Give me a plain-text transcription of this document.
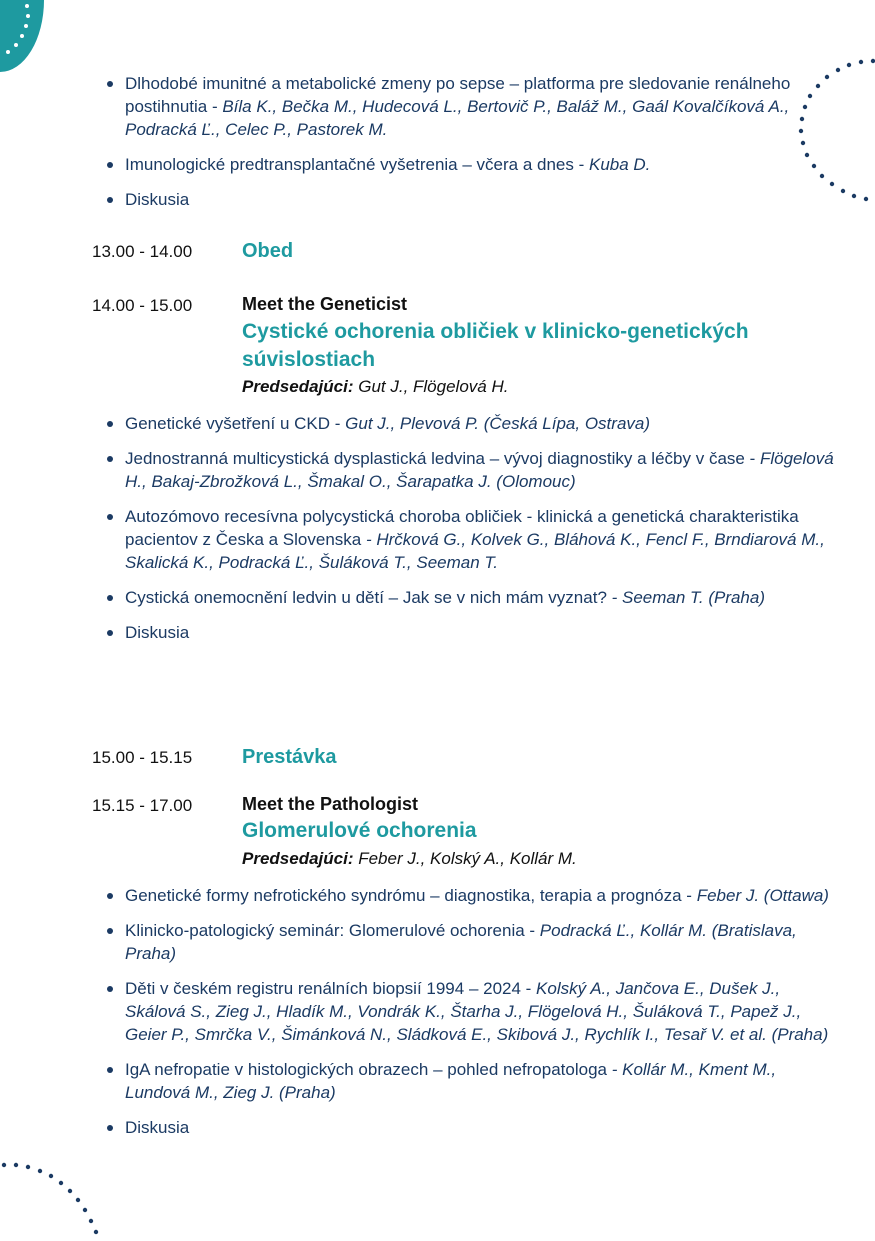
Dlhodobé imunitné a metabolické zmeny po sepse – platforma pre sledovanie renálneho postihnutia - Bíla K., Bečka M., Hudecová L., Bertovič P., Baláž M., Gaál Kovalčíková A., Podracká Ľ., Celec P., Pastorek M.
Imunologické predtransplantačné vyšetrenia – včera a dnes - Kuba D.
Diskusia
13.00 - 14.00 Obed
14.00 - 15.00	Meet the Geneticist
Cystické ochorenia obličiek v klinicko-genetických súvislostiach
Predsedajúci: Gut J., Flögelová H.
Genetické vyšetření u CKD - Gut J., Plevová P. (Česká Lípa, Ostrava)
Jednostranná multicystická dysplastická ledvina – vývoj diagnostiky a léčby v čase - Flögelová H., Bakaj-Zbrožková L., Šmakal O., Šarapatka J. (Olomouc)
Autozómovo recesívna polycystická choroba obličiek - klinická a genetická charakteristika pacientov z Česka a Slovenska - Hrčková G., Kolvek G., Bláhová K., Fencl F., Brndiarová M., Skalická K., Podracká Ľ., Šuláková T., Seeman T.
Cystická onemocnění ledvin u dětí – Jak se v nich mám vyznat? - Seeman T. (Praha)
Diskusia
15.00 - 15.15 Prestávka
15.15 - 17.00	Meet the Pathologist
Glomerulové ochorenia
Predsedajúci: Feber J., Kolský A., Kollár M.
Genetické formy nefrotického syndrómu – diagnostika, terapia a prognóza - Feber J. (Ottawa)
Klinicko-patologický seminár: Glomerulové ochorenia - Podracká Ľ., Kollár M. (Bratislava, Praha)
Děti v českém registru renálních biopsií 1994 – 2024 - Kolský A., Jančova E., Dušek J., Skálová S., Zieg J., Hladík M., Vondrák K., Štarha J., Flögelová H., Šuláková T., Papež J., Geier P., Smrčka V., Šimánková N., Sládková E., Skibová J., Rychlík I., Tesař V. et al. (Praha)
IgA nefropatie v histologických obrazech – pohled nefropatologa - Kollár M., Kment M., Lundová M., Zieg J. (Praha)
Diskusia
